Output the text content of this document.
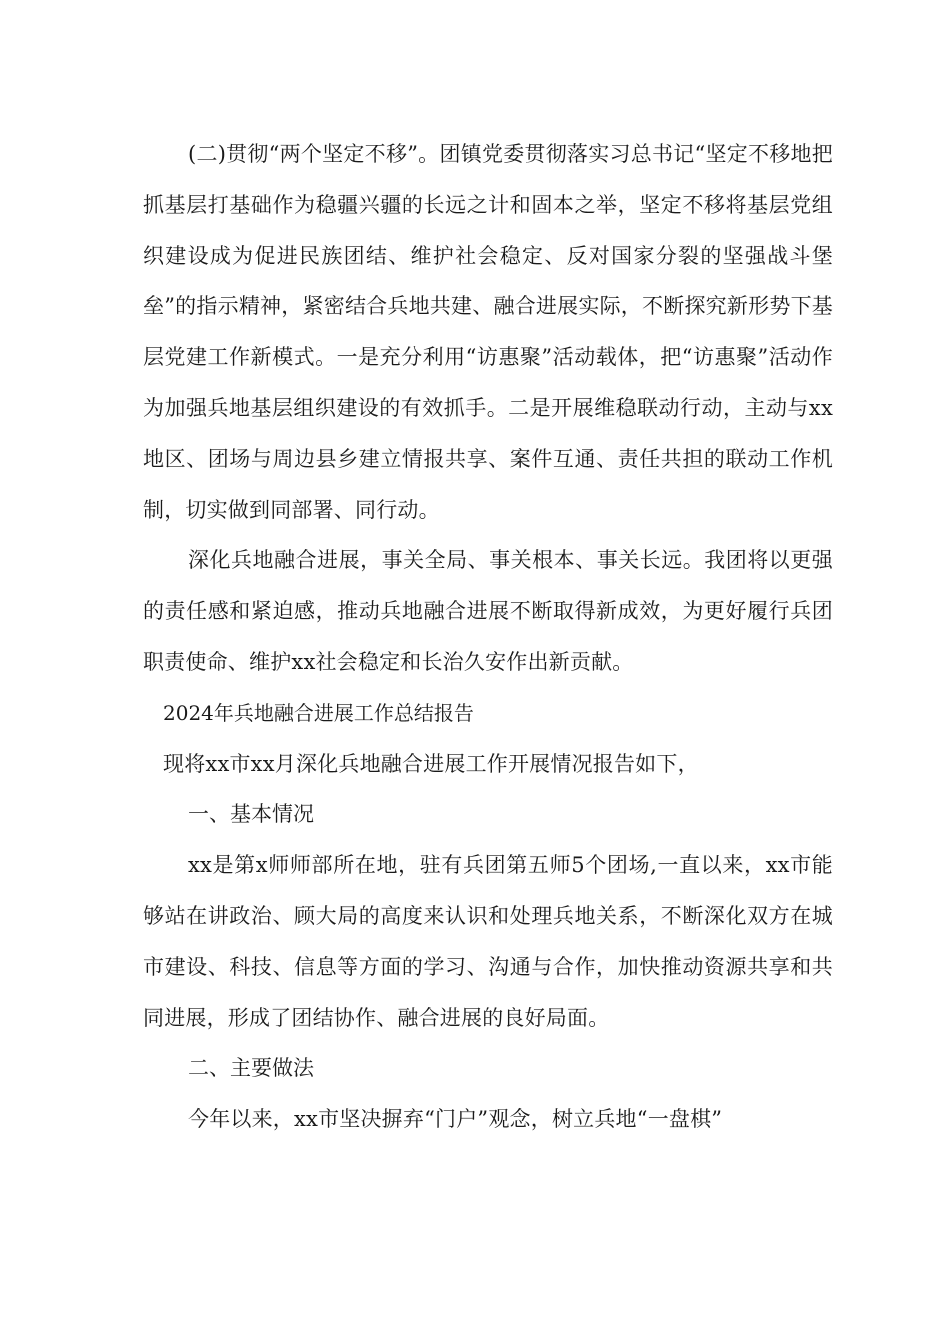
(二)贯彻“两个坚定不移”。团镇党委贯彻落实习总书记“坚定不移地把抓基层打基础作为稳疆兴疆的长远之计和固本之举，坚定不移将基层党组织建设成为促进民族团结、维护社会稳定、反对国家分裂的坚强战斗堡垒”的指示精神，紧密结合兵地共建、融合进展实际，不断探究新形势下基层党建工作新模式。一是充分利用“访惠聚”活动载体，把“访惠聚”活动作为加强兵地基层组织建设的有效抓手。二是开展维稳联动行动，主动与xx地区、团场与周边县乡建立情报共享、案件互通、责任共担的联动工作机制，切实做到同部署、同行动。

深化兵地融合进展，事关全局、事关根本、事关长远。我团将以更强的责任感和紧迫感，推动兵地融合进展不断取得新成效，为更好履行兵团职责使命、维护xx社会稳定和长治久安作出新贡献。

2024年兵地融合进展工作总结报告

现将xx市xx月深化兵地融合进展工作开展情况报告如下，

一、基本情况

xx是第x师师部所在地，驻有兵团第五师5个团场,一直以来，xx市能够站在讲政治、顾大局的高度来认识和处理兵地关系，不断深化双方在城市建设、科技、信息等方面的学习、沟通与合作，加快推动资源共享和共同进展，形成了团结协作、融合进展的良好局面。

二、主要做法

今年以来，xx市坚决摒弃“门户”观念，树立兵地“一盘棋”
